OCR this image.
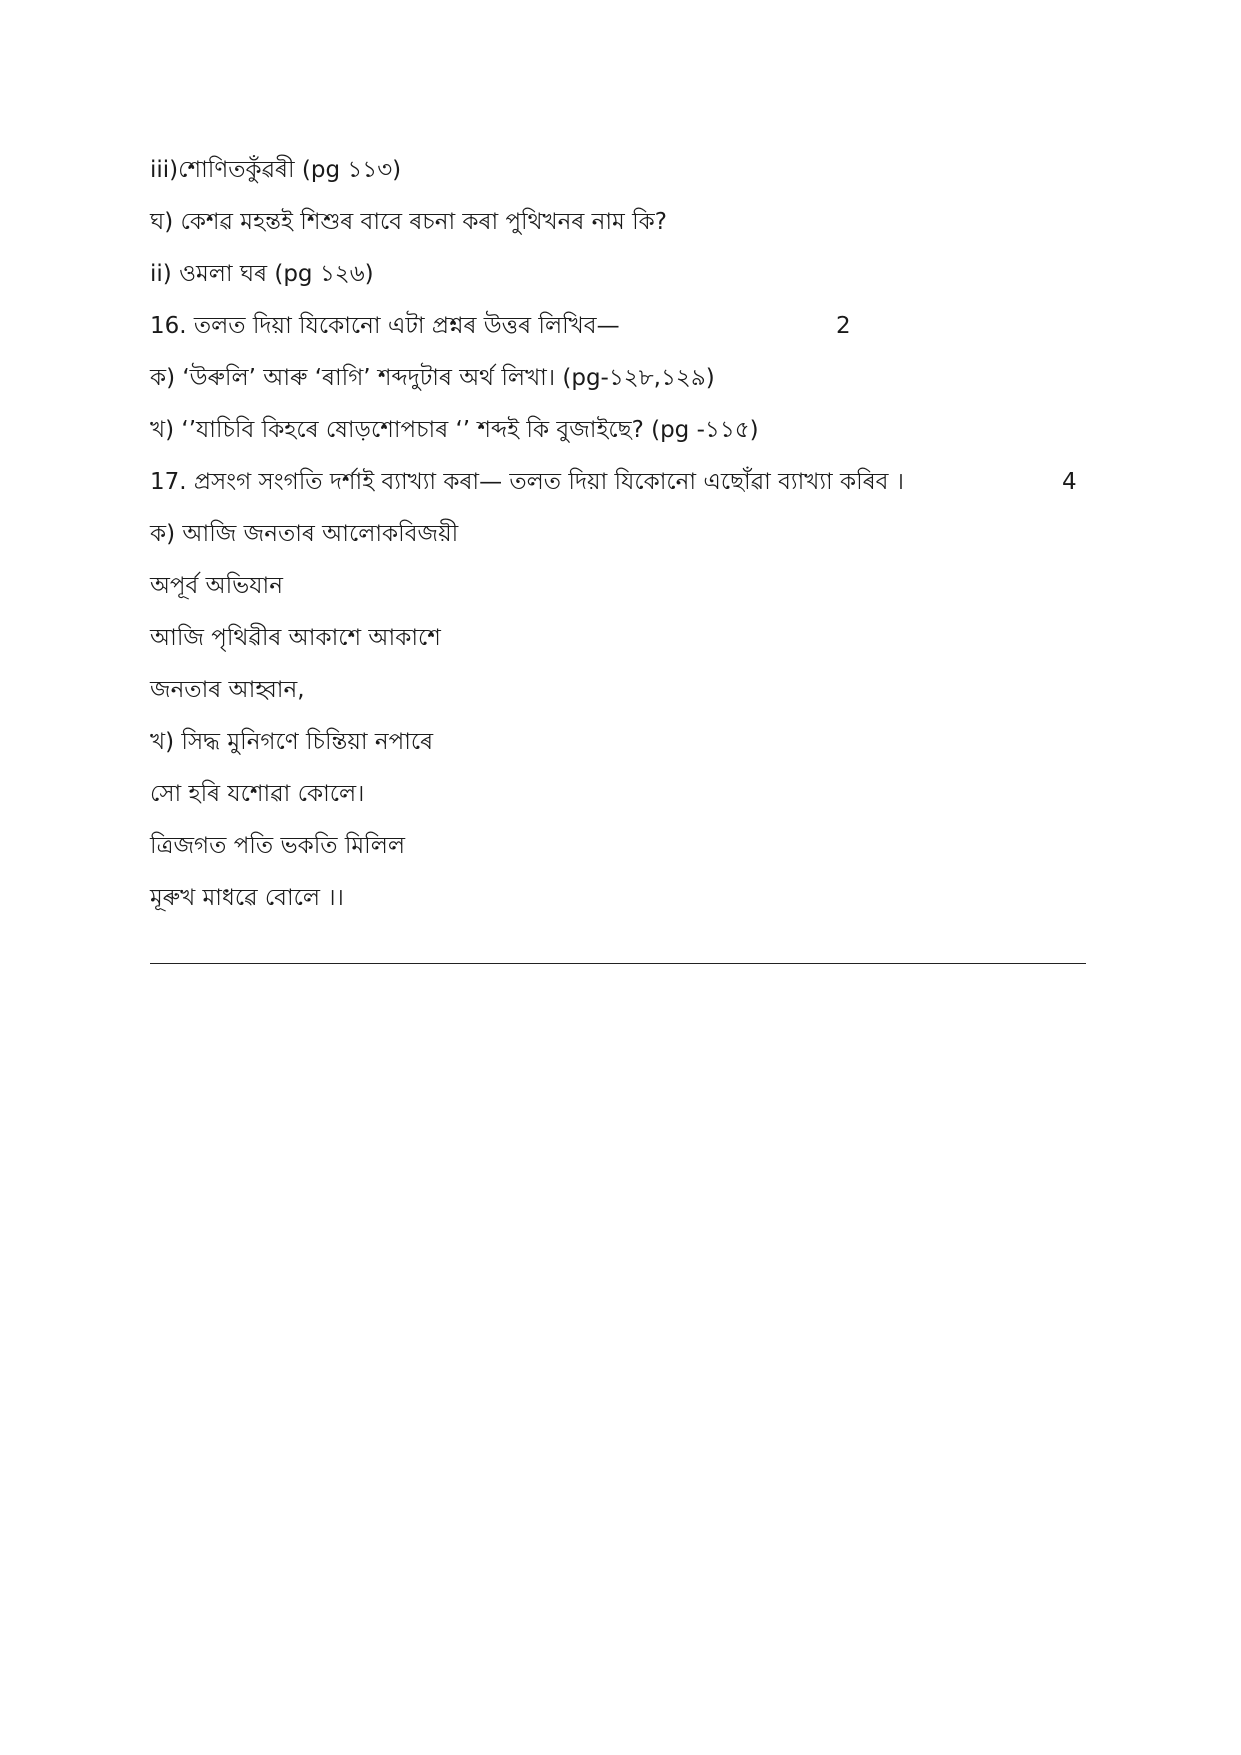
iii)শোণিতকুঁৱৰী (pg ১১৩)
ঘ) কেশৱ মহন্তই শিশুৰ বাবে ৰচনা কৰা পুথিখনৰ নাম কি?
ii) ওমলা ঘৰ (pg ১২৬)
16. তলত দিয়া যিকোনো এটা প্ৰশ্নৰ উত্তৰ লিখিব—	2
ক) ‘উৰুলি’ আৰু ‘ৰাগি’ শব্দদুটাৰ অৰ্থ লিখা। (pg-১২৮,১২৯)
খ) ‘’যাচিবি কিহৰে ষোড়শোপচাৰ ‘’ শব্দই কি বুজাইছে? (pg -১১৫)
17. প্ৰসংগ সংগতি দৰ্শাই ব্যাখ্যা কৰা— তলত দিয়া যিকোনো এছোঁৱা ব্যাখ্যা কৰিব ।	4
ক) আজি জনতাৰ আলোকবিজয়ী
অপূৰ্ব অভিযান
আজি পৃথিৱীৰ আকাশে আকাশে
জনতাৰ আহ্বান,
খ) সিদ্ধ মুনিগণে চিন্তিয়া নপাৰে
সো হৰি যশোৱা কোলে।
ত্ৰিজগত পতি ভকতি মিলিল
মূৰুখ মাধৱে বোলে ।।
